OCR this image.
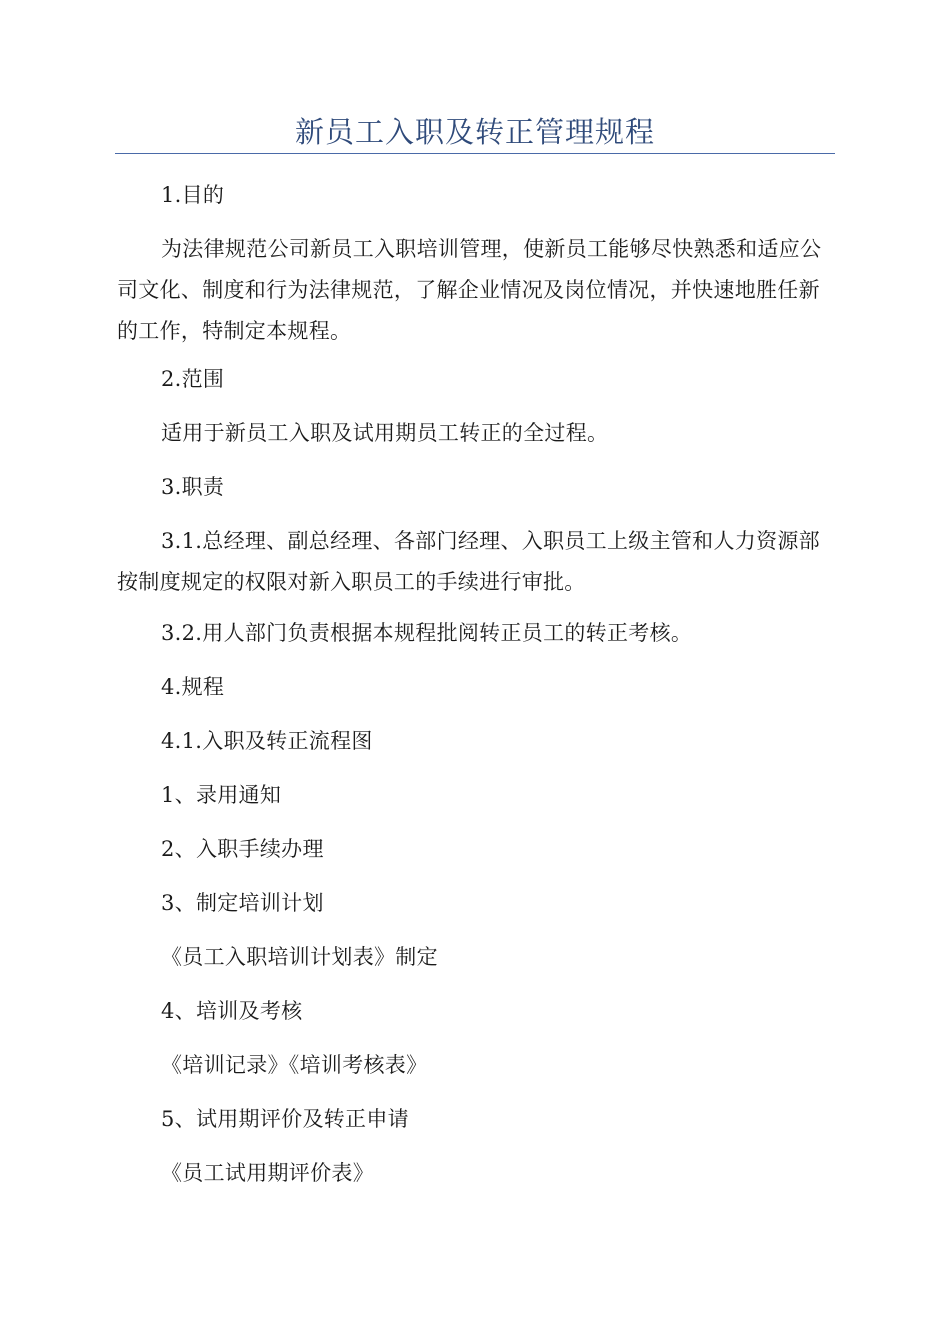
新员工入职及转正管理规程

1.目的

为法律规范公司新员工入职培训管理，使新员工能够尽快熟悉和适应公司文化、制度和行为法律规范，了解企业情况及岗位情况，并快速地胜任新的工作，特制定本规程。

2.范围

适用于新员工入职及试用期员工转正的全过程。

3.职责

3.1.总经理、副总经理、各部门经理、入职员工上级主管和人力资源部按制度规定的权限对新入职员工的手续进行审批。

3.2.用人部门负责根据本规程批阅转正员工的转正考核。

4.规程

4.1.入职及转正流程图

1、录用通知

2、入职手续办理

3、制定培训计划

《员工入职培训计划表》制定

4、培训及考核

《培训记录》《培训考核表》

5、试用期评价及转正申请

《员工试用期评价表》
